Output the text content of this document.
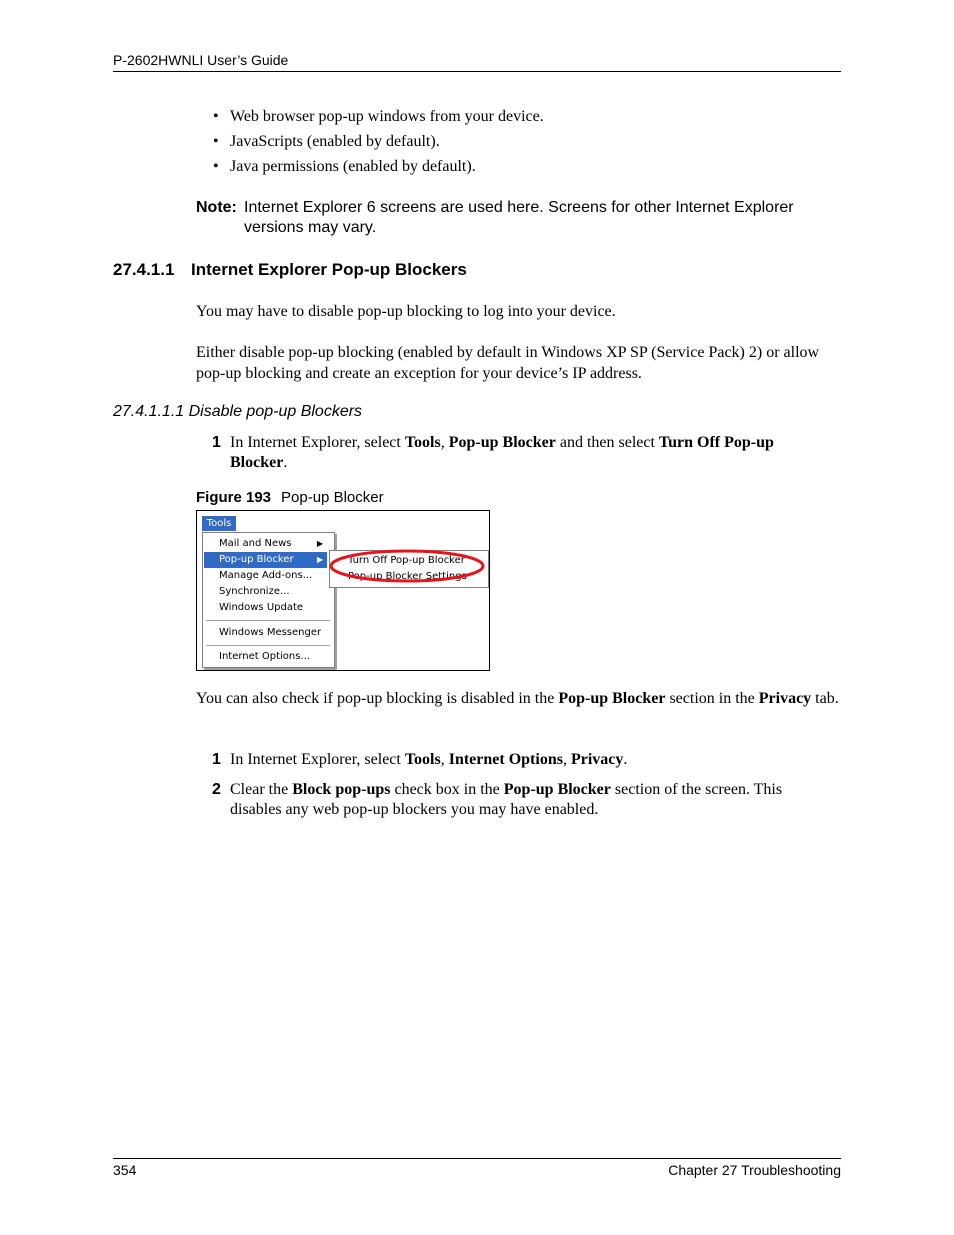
P-2602HWNLI User’s Guide
• Web browser pop-up windows from your device.
• JavaScripts (enabled by default).
• Java permissions (enabled by default).
Note: Internet Explorer 6 screens are used here. Screens for other Internet Explorer versions may vary.
27.4.1.1 Internet Explorer Pop-up Blockers
You may have to disable pop-up blocking to log into your device.
Either disable pop-up blocking (enabled by default in Windows XP SP (Service Pack) 2) or allow pop-up blocking and create an exception for your device’s IP address.
27.4.1.1.1 Disable pop-up Blockers
1 In Internet Explorer, select Tools, Pop-up Blocker and then select Turn Off Pop-up Blocker.
Figure 193 Pop-up Blocker
Tools
Mail and News	▶
Pop-up Blocker	▶
Manage Add-ons...
Synchronize...
Windows Update
Windows Messenger
Internet Options...
Turn Off Pop-up Blocker
Pop-up Blocker Settings
You can also check if pop-up blocking is disabled in the Pop-up Blocker section in the Privacy tab.
1 In Internet Explorer, select Tools, Internet Options, Privacy.
2 Clear the Block pop-ups check box in the Pop-up Blocker section of the screen. This disables any web pop-up blockers you may have enabled.
354	Chapter 27 Troubleshooting
